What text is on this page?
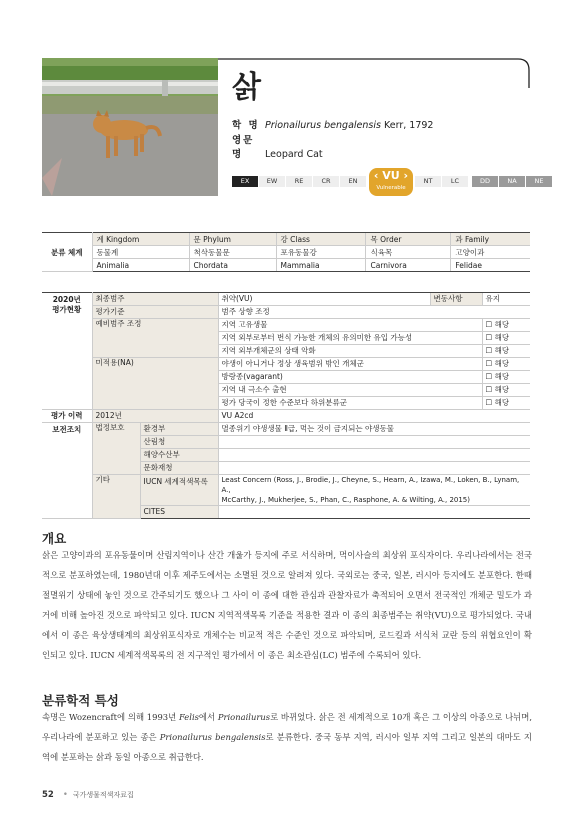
삵
학 명 Prionailurus bengalensis Kerr, 1792
영문명 Leopard Cat
EX	EW	RE	CR	EN	‹ VU ›
Vulnerable
NT	LC	DD	NA	NE
분류 체계	계 Kingdom	문 Phylum	강 Class	목 Order	과 Family
	동물계	척삭동물문	포유동물강	식육목	고양이과
	Animalia	Chordata	Mammalia	Carnivora	Felidae
2020년
평가현황	최종범주		취약(VU)	변동사항	유지
	평가기준		범주 상향 조정		
	예비범주 조정		지역 고유생물		☐ 해당
			지역 외부로부터 번식 가능한 개체의 유의미한 유입 가능성		☐ 해당
			지역 외부개체군의 상태 악화		☐ 해당
	미적용(NA)		야생이 아니거나 정상 생육범위 밖인 개체군		☐ 해당
			방랑종(vagarant)		☐ 해당
			지역 내 극소수 출현		☐ 해당
			평가 당국이 정한 수준보다 하위분류군		☐ 해당
평가 이력	2012년		VU A2cd		
보전조치	법정보호	환경부	멸종위기 야생생물 Ⅱ급, 먹는 것이 금지되는 야생동물		
		산림청			
		해양수산부			
		문화재청			
	기타	IUCN 세계적색목록	Least Concern (Ross, J., Brodie, J., Cheyne, S., Hearn, A., Izawa, M., Loken, B., Lynam, A.,
McCarthy, J., Mukherjee, S., Phan, C., Rasphone, A. & Wilting, A., 2015)		

		CITES			
개요

삵은 고양이과의 포유동물이며 산림지역이나 산간 개울가 등지에 주로 서식하며, 먹이사슬의 최상위 포식자이다. 우리나라에서는 전국적으로 분포하였는데, 1980년대 이후 제주도에서는 소멸된 것으로 알려져 있다. 국외로는 중국, 일본, 러시아 등지에도 분포한다. 한때 절멸위기 상태에 놓인 것으로 간주되기도 했으나 그 사이 이 종에 대한 관심과 관찰자료가 축적되어 오면서 전국적인 개체군 밀도가 과거에 비해 높아진 것으로 파악되고 있다. IUCN 지역적색목록 기준을 적용한 결과 이 종의 최종범주는 취약(VU)으로 평가되었다. 국내에서 이 종은 육상생태계의 최상위포식자로 개체수는 비교적 적은 수준인 것으로 파악되며, 로드킬과 서식처 교란 등의 위협요인이 확인되고 있다. IUCN 세계적색목록의 전 지구적인 평가에서 이 종은 최소관심(LC) 범주에 수록되어 있다.

분류학적 특성

속명은 Wozencraft에 의해 1993년 Felis에서 Prionailurus로 바뀌었다. 삵은 전 세계적으로 10개 혹은 그 이상의 아종으로 나뉘며, 우리나라에 분포하고 있는 종은 Prionailurus bengalensis로 분류한다. 중국 동부 지역, 러시아 일부 지역 그리고 일본의 대마도 지역에 분포하는 삵과 동일 아종으로 취급한다.

52 • 국가생물적색자료집
